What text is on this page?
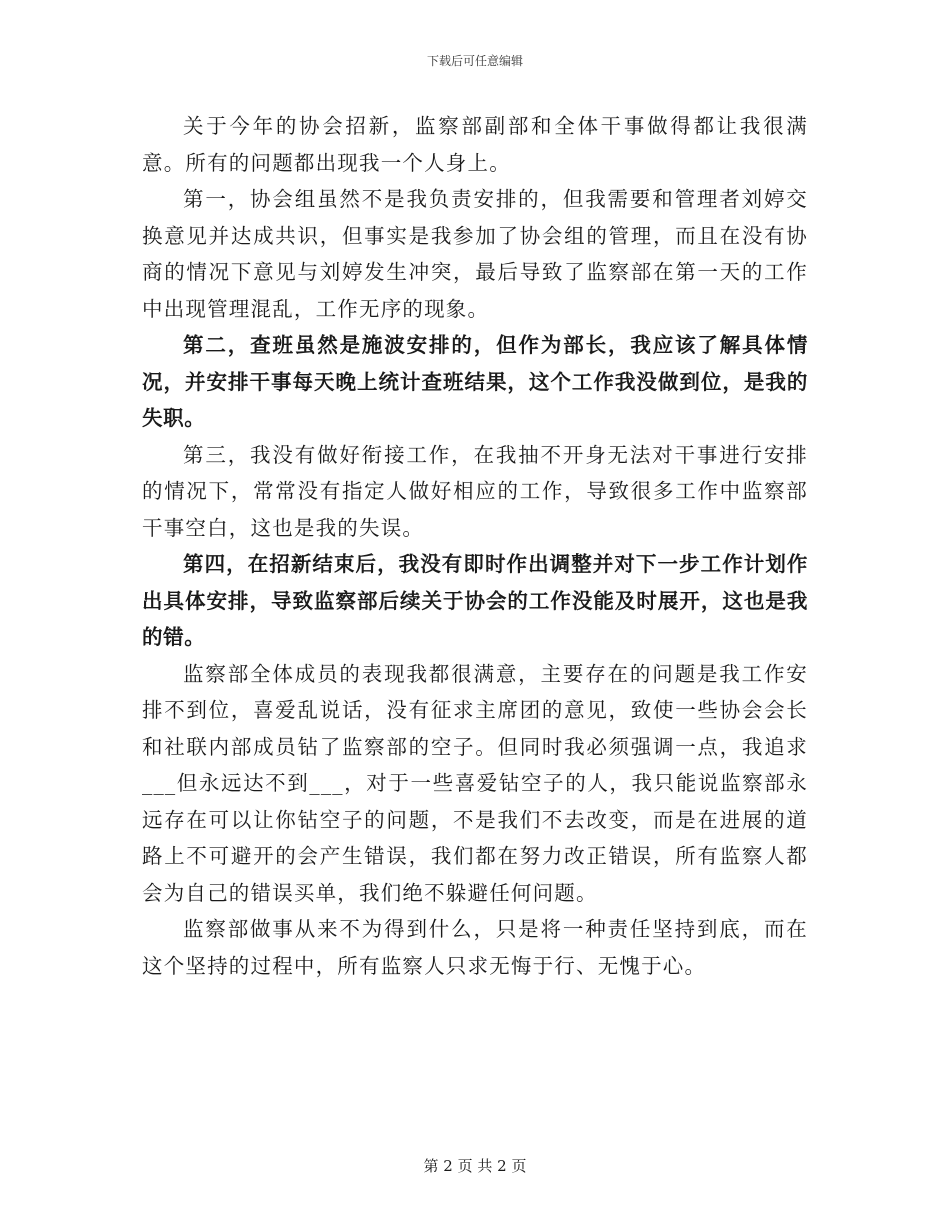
下载后可任意编辑

关于今年的协会招新，监察部副部和全体干事做得都让我很满意。所有的问题都出现我一个人身上。

第一，协会组虽然不是我负责安排的，但我需要和管理者刘婷交换意见并达成共识，但事实是我参加了协会组的管理，而且在没有协商的情况下意见与刘婷发生冲突，最后导致了监察部在第一天的工作中出现管理混乱，工作无序的现象。

第二，查班虽然是施波安排的，但作为部长，我应该了解具体情况，并安排干事每天晚上统计查班结果，这个工作我没做到位，是我的失职。

第三，我没有做好衔接工作，在我抽不开身无法对干事进行安排的情况下，常常没有指定人做好相应的工作，导致很多工作中监察部干事空白，这也是我的失误。

第四，在招新结束后，我没有即时作出调整并对下一步工作计划作出具体安排，导致监察部后续关于协会的工作没能及时展开，这也是我的错。

监察部全体成员的表现我都很满意，主要存在的问题是我工作安排不到位，喜爱乱说话，没有征求主席团的意见，致使一些协会会长和社联内部成员钻了监察部的空子。但同时我必须强调一点，我追求___但永远达不到___，对于一些喜爱钻空子的人，我只能说监察部永远存在可以让你钻空子的问题，不是我们不去改变，而是在进展的道路上不可避开的会产生错误，我们都在努力改正错误，所有监察人都会为自己的错误买单，我们绝不躲避任何问题。

监察部做事从来不为得到什么，只是将一种责任坚持到底，而在这个坚持的过程中，所有监察人只求无悔于行、无愧于心。

第 2 页 共 2 页
